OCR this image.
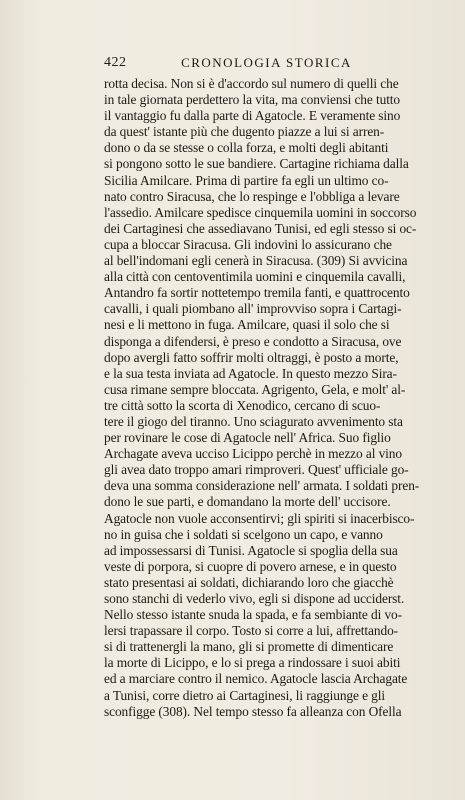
422	CRONOLOGIA STORICA
rotta decisa. Non si è d'accordo sul numero di quelli che
in tale giornata perdettero la vita, ma conviensi che tutto
il vantaggio fu dalla parte di Agatocle. E veramente sino
da quest' istante più che dugento piazze a lui si arren-
dono o da se stesse o colla forza, e molti degli abitanti
si pongono sotto le sue bandiere. Cartagine richiama dalla
Sicilia Amilcare. Prima di partire fa egli un ultimo co-
nato contro Siracusa, che lo respinge e l'obbliga a levare
l'assedio. Amilcare spedisce cinquemila uomini in soccorso
dei Cartaginesi che assediavano Tunisi, ed egli stesso si oc-
cupa a bloccar Siracusa. Gli indovini lo assicurano che
al bell'indomani egli cenerà in Siracusa. (309) Si avvicina
alla città con centoventimila uomini e cinquemila cavalli,
Antandro fa sortir nottetempo tremila fanti, e quattrocento
cavalli, i quali piombano all' improvviso sopra i Cartagi-
nesi e li mettono in fuga. Amilcare, quasi il solo che si
disponga a difendersi, è preso e condotto a Siracusa, ove
dopo avergli fatto soffrir molti oltraggi, è posto a morte,
e la sua testa inviata ad Agatocle. In questo mezzo Sira-
cusa rimane sempre bloccata. Agrigento, Gela, e molt' al-
tre città sotto la scorta di Xenodico, cercano di scuo-
tere il giogo del tiranno. Uno sciagurato avvenimento sta
per rovinare le cose di Agatocle nell' Africa. Suo figlio
Archagate aveva ucciso Licippo perchè in mezzo al vino
gli avea dato troppo amari rimproveri. Quest' ufficiale go-
deva una somma considerazione nell' armata. I soldati pren-
dono le sue parti, e domandano la morte dell' uccisore.
Agatocle non vuole acconsentirvi; gli spiriti si inacerbisco-
no in guisa che i soldati si scelgono un capo, e vanno
ad impossessarsi di Tunisi. Agatocle si spoglia della sua
veste di porpora, si cuopre di povero arnese, e in questo
stato presentasi ai soldati, dichiarando loro che giacchè
sono stanchi di vederlo vivo, egli si dispone ad ucciderst.
Nello stesso istante snuda la spada, e fa sembiante di vo-
lersi trapassare il corpo. Tosto si corre a lui, affrettando-
si di trattenergli la mano, gli si promette di dimenticare
la morte di Licippo, e lo si prega a rindossare i suoi abiti
ed a marciare contro il nemico. Agatocle lascia Archagate
a Tunisi, corre dietro ai Cartaginesi, li raggiunge e gli
sconfigge (308). Nel tempo stesso fa alleanza con Ofella
